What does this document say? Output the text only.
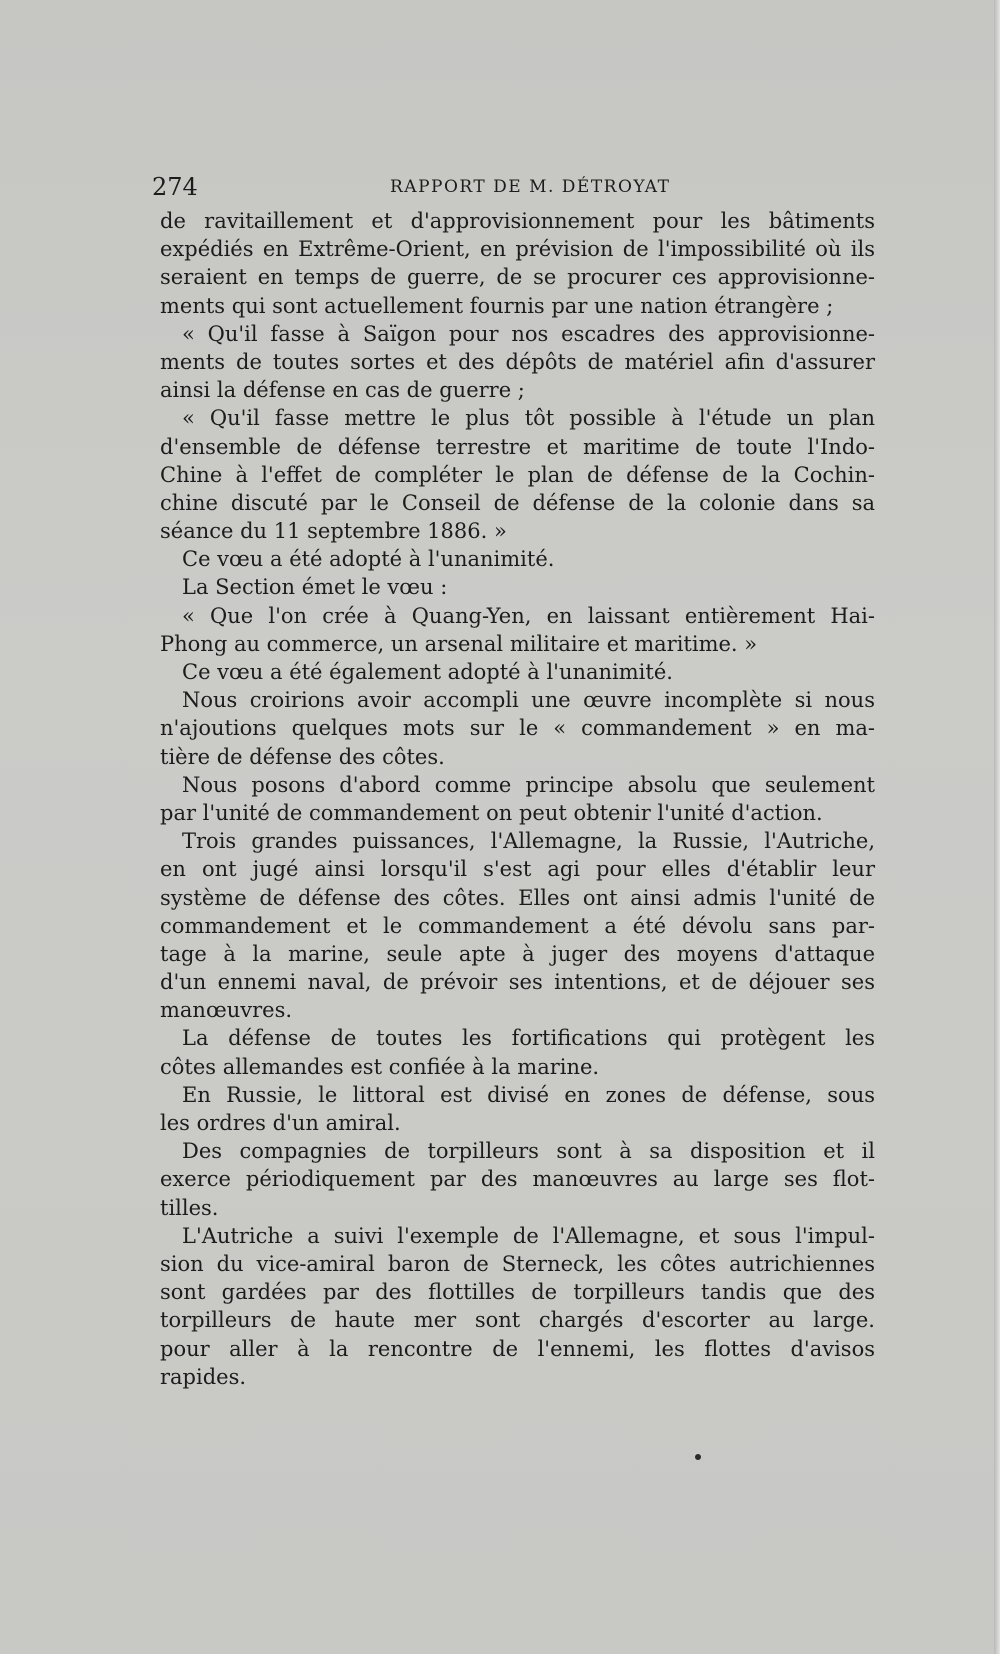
274	RAPPORT DE M. DÉTROYAT
de ravitaillement et d'approvisionnement pour les bâtiments
expédiés en Extrême-Orient, en prévision de l'impossibilité où ils
seraient en temps de guerre, de se procurer ces approvisionne-
ments qui sont actuellement fournis par une nation étrangère ;
« Qu'il fasse à Saïgon pour nos escadres des approvisionne-
ments de toutes sortes et des dépôts de matériel afin d'assurer
ainsi la défense en cas de guerre ;
« Qu'il fasse mettre le plus tôt possible à l'étude un plan
d'ensemble de défense terrestre et maritime de toute l'Indo-
Chine à l'effet de compléter le plan de défense de la Cochin-
chine discuté par le Conseil de défense de la colonie dans sa
séance du 11 septembre 1886. »
Ce vœu a été adopté à l'unanimité.
La Section émet le vœu :
« Que l'on crée à Quang-Yen, en laissant entièrement Hai-
Phong au commerce, un arsenal militaire et maritime. »
Ce vœu a été également adopté à l'unanimité.
Nous croirions avoir accompli une œuvre incomplète si nous
n'ajoutions quelques mots sur le « commandement » en ma-
tière de défense des côtes.
Nous posons d'abord comme principe absolu que seulement
par l'unité de commandement on peut obtenir l'unité d'action.
Trois grandes puissances, l'Allemagne, la Russie, l'Autriche,
en ont jugé ainsi lorsqu'il s'est agi pour elles d'établir leur
système de défense des côtes. Elles ont ainsi admis l'unité de
commandement et le commandement a été dévolu sans par-
tage à la marine, seule apte à juger des moyens d'attaque
d'un ennemi naval, de prévoir ses intentions, et de déjouer ses
manœuvres.
La défense de toutes les fortifications qui protègent les
côtes allemandes est confiée à la marine.
En Russie, le littoral est divisé en zones de défense, sous
les ordres d'un amiral.
Des compagnies de torpilleurs sont à sa disposition et il
exerce périodiquement par des manœuvres au large ses flot-
tilles.
L'Autriche a suivi l'exemple de l'Allemagne, et sous l'impul-
sion du vice-amiral baron de Sterneck, les côtes autrichiennes
sont gardées par des flottilles de torpilleurs tandis que des
torpilleurs de haute mer sont chargés d'escorter au large.
pour aller à la rencontre de l'ennemi, les flottes d'avisos
rapides.
